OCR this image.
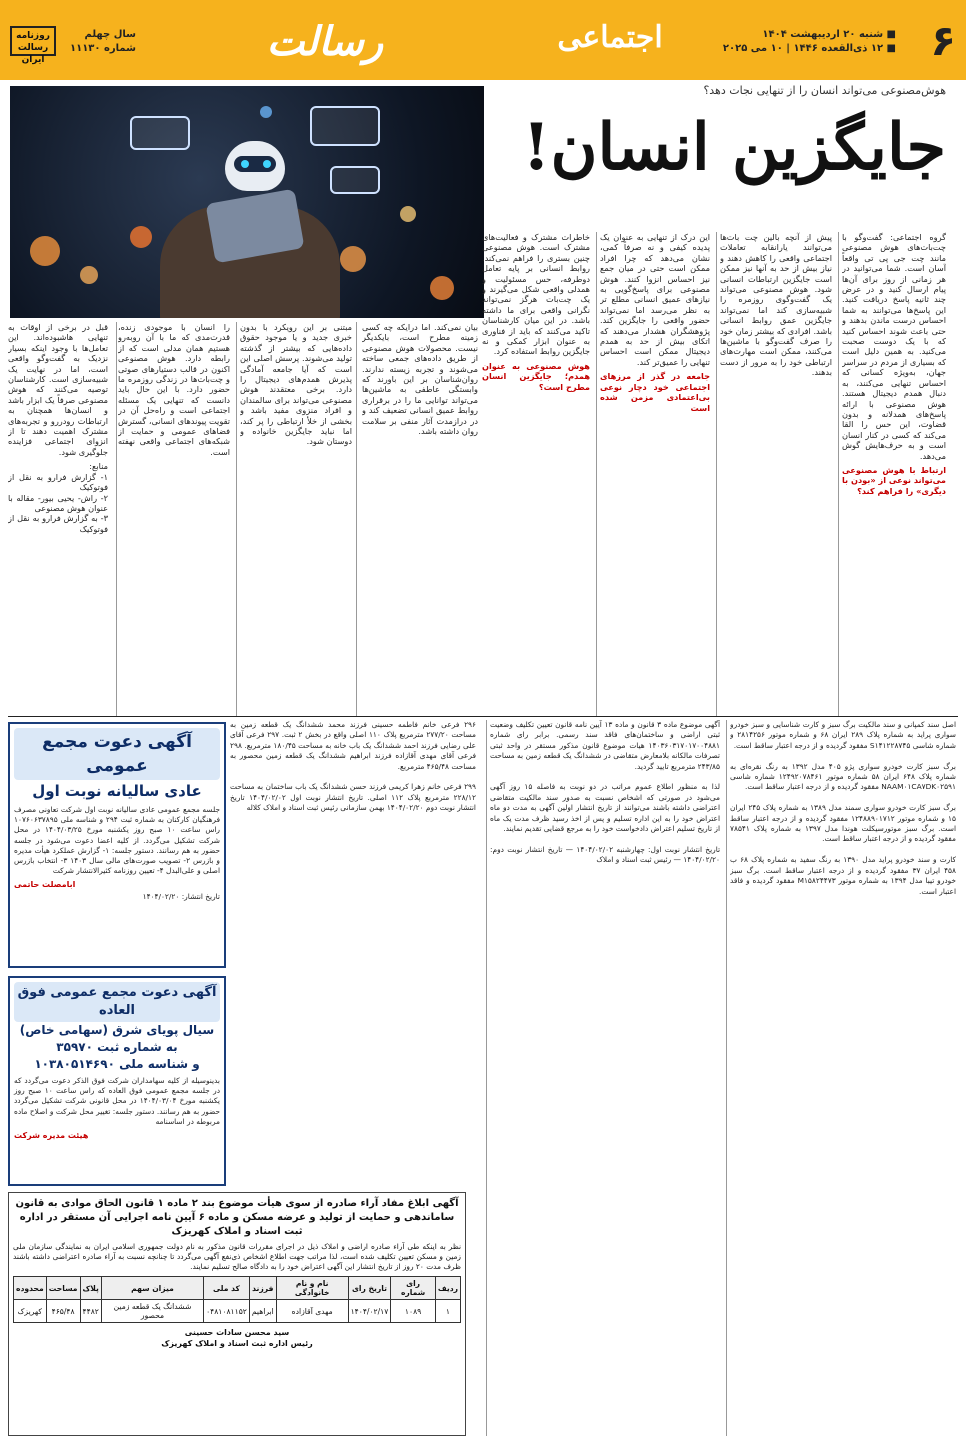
۶
■ شنبه ۲۰ اردیبهشت ۱۴۰۴
■ ۱۲ ذی‌القعده ۱۴۴۶ | ۱۰ می ۲۰۲۵
اجتماعی
رسالت
سال چهلم
شماره ۱۱۱۳۰
روزنامه رسالت ایران
هوش‌مصنوعی می‌تواند انسان را از تنهایی نجات دهد؟
جایگزین انسان!

گروه اجتماعی: گفت‌وگو با چت‌بات‌های هوش مصنوعی مانند چت جی پی تی واقعاً آسان است. شما می‌توانید در هر زمانی از روز برای آن‌ها پیام ارسال کنید و در عرض چند ثانیه پاسخ دریافت کنید. این پاسخ‌ها می‌توانند به شما احساس درست ماندن بدهند و حتی باعث شوند احساس کنید که با یک دوست صحبت می‌کنید. به همین دلیل است که بسیاری از مردم در سراسر جهان، به‌ویژه کسانی که احساس تنهایی می‌کنند، به دنبال همدم دیجیتال هستند. هوش مصنوعی با ارائه پاسخ‌های همدلانه و بدون قضاوت، این حس را القا می‌کند که کسی در کنار انسان است و به حرف‌هایش گوش می‌دهد.

ارتباط با هوش مصنوعی می‌تواند نوعی از «بودن با دیگری» را فراهم کند؟

پیش از آنچه بالین چت بات‌ها می‌توانند یارانقابه تعاملات اجتماعی واقعی را کاهش دهند و نیاز بیش از حد به آنها نیز ممکن است جایگزین ارتباطات انسانی شود. هوش مصنوعی می‌تواند یک گفت‌وگوی روزمره را شبیه‌سازی کند اما نمی‌تواند جایگزین عمق روابط انسانی باشد. افرادی که بیشتر زمان خود را صرف گفت‌وگو با ماشین‌ها می‌کنند، ممکن است مهارت‌های ارتباطی خود را به مرور از دست بدهند.

این درک از تنهایی به عنوان یک پدیده کیفی و نه صرفاً کمی، نشان می‌دهد که چرا افراد ممکن است حتی در میان جمع نیز احساس انزوا کنند. هوش مصنوعی برای پاسخ‌گویی به نیازهای عمیق انسانی مطلع تر به نظر می‌رسد اما نمی‌تواند حضور واقعی را جایگزین کند. پژوهشگران هشدار می‌دهند که اتکای بیش از حد به همدم دیجیتال ممکن است احساس تنهایی را عمیق‌تر کند.

جامعه در گذر از مرزهای اجتماعی خود دچار نوعی بی‌اعتمادی مزمن شده است

خاطرات مشترک و فعالیت‌های مشترک است. هوش مصنوعی چنین بستری را فراهم نمی‌کند. روابط انسانی بر پایه تعامل دوطرفه، حس مسئولیت و همدلی واقعی شکل می‌گیرند و یک چت‌بات هرگز نمی‌تواند نگرانی واقعی برای ما داشته باشد. در این میان کارشناسان تاکید می‌کنند که باید از فناوری به عنوان ابزار کمکی و نه جایگزین روابط استفاده کرد.

هوش مصنوعی به عنوان همدم؛ جایگزین انسان مطرح است؟

بیان نمی‌کند. اما درایکه چه کسی زمینه مطرح است، بایکدیگر نیست. محصولات هوش مصنوعی از طریق داده‌های جمعی ساخته می‌شوند و تجربه زیسته ندارند. روان‌شناسان بر این باورند که وابستگی عاطفی به ماشین‌ها می‌تواند توانایی ما را در برقراری روابط عمیق انسانی تضعیف کند و در درازمدت آثار منفی بر سلامت روان داشته باشد.

مبتنی بر این رویکرد با بدون خبری جدید و یا موجود حقوق داده‌هایی که بیشتر از گذشته تولید می‌شوند. پرسش اصلی این است که آیا جامعه آمادگی پذیرش همدم‌های دیجیتال را دارد. برخی معتقدند هوش مصنوعی می‌تواند برای سالمندان و افراد منزوی مفید باشد و بخشی از خلأ ارتباطی را پر کند، اما نباید جایگزین خانواده و دوستان شود.

را انسان با موجودی زنده، قدرت‌مدی که ما با آن روبه‌رو هستیم همان مدلی است که از رابطه دارد. هوش مصنوعی اکنون در قالب دستیارهای صوتی و چت‌بات‌ها در زندگی روزمره ما حضور دارد. با این حال باید دانست که تنهایی یک مسئله اجتماعی است و راه‌حل آن در تقویت پیوندهای انسانی، گسترش فضاهای عمومی و حمایت از شبکه‌های اجتماعی واقعی نهفته است.

قبل در برخی از اوقات به تنهایی هاشبوده‌اند. این تعامل‌ها با وجود اینکه بسیار نزدیک به گفت‌وگو واقعی است، اما در نهایت یک شبیه‌سازی است. کارشناسان توصیه می‌کنند که هوش مصنوعی صرفاً یک ابزار باشد و انسان‌ها همچنان به ارتباطات رودررو و تجربه‌های مشترک اهمیت دهند تا از انزوای اجتماعی فزاینده جلوگیری شود.

منابع:
۱- گزارش فرارو به نقل از فوتوکیک
۲- راش- یحیی بیور- مقاله با عنوان هوش مصنوعی
۳- به گزارش فرارو به نقل از فوتوکیک

اصل سند کمپانی و سند مالکیت برگ سبز و کارت شناسایی و سبز خودرو سواری پراید به شماره پلاک ۲۸۹ ایران ۶۸ و شماره موتور ۲۸۱۴۲۵۶ و شماره شاسی S۱۴۱۲۲۸۷۴۵ مفقود گردیده و از درجه اعتبار ساقط است.

برگ سبز کارت خودرو سواری پژو ۴۰۵ مدل ۱۳۹۲ به رنگ نقره‌ای به شماره پلاک ۶۴۸ ایران ۵۸ شماره موتور ۱۲۴۹۲۰۷۸۴۶۱ شماره شاسی NAAM۰۱CA۷DK۰۲۵۹۱ مفقود گردیده و از درجه اعتبار ساقط است.

برگ سبز کارت خودرو سواری سمند مدل ۱۳۸۹ به شماره پلاک ۲۴۵ ایران ۱۵ و شماره موتور ۱۲۴۸۸۹۰۱۷۱۲ مفقود گردیده و از درجه اعتبار ساقط است. برگ سبز موتورسیکلت هوندا مدل ۱۳۹۷ به شماره پلاک ۷۸۵۴۱ مفقود گردیده و از درجه اعتبار ساقط است.

کارت و سند خودرو پراید مدل ۱۳۹۰ به رنگ سفید به شماره پلاک ۶۸ ب ۴۵۸ ایران ۳۷ مفقود گردیده و از درجه اعتبار ساقط است. برگ سبز خودرو تیبا مدل ۱۳۹۴ به شماره موتور M۱۵۸۲۴۴۷۳ مفقود گردیده و فاقد اعتبار است.

آگهی موضوع ماده ۳ قانون و ماده ۱۳ آیین نامه قانون تعیین تکلیف وضعیت ثبتی اراضی و ساختمان‌های فاقد سند رسمی. برابر رای شماره ۱۴۰۳۶۰۳۱۷۰۱۷۰۰۴۸۸۱ هیات موضوع قانون مذکور مستقر در واحد ثبتی تصرفات مالکانه بلامعارض متقاضی در ششدانگ یک قطعه زمین به مساحت ۲۴۳/۸۵ مترمربع تایید گردید.

لذا به منظور اطلاع عموم مراتب در دو نوبت به فاصله ۱۵ روز آگهی می‌شود در صورتی که اشخاص نسبت به صدور سند مالکیت متقاضی اعتراضی داشته باشند می‌توانند از تاریخ انتشار اولین آگهی به مدت دو ماه اعتراض خود را به این اداره تسلیم و پس از اخذ رسید ظرف مدت یک ماه از تاریخ تسلیم اعتراض دادخواست خود را به مرجع قضایی تقدیم نمایند.

تاریخ انتشار نوبت اول: چهارشنبه ۱۴۰۴/۰۲/۰۲ — تاریخ انتشار نوبت دوم: ۱۴۰۴/۰۲/۲۰ — رئیس ثبت اسناد و املاک

۲۹۶ فرعی خانم فاطمه حسینی فرزند محمد ششدانگ یک قطعه زمین به مساحت ۲۷۷/۲۰ مترمربع پلاک ۱۱۰ اصلی واقع در بخش ۲ ثبت. ۲۹۷ فرعی آقای علی رضایی فرزند احمد ششدانگ یک باب خانه به مساحت ۱۸۰/۴۵ مترمربع. ۲۹۸ فرعی آقای مهدی آقازاده فرزند ابراهیم ششدانگ یک قطعه زمین محصور به مساحت ۴۶۵/۴۸ مترمربع.

۲۹۹ فرعی خانم زهرا کریمی فرزند حسن ششدانگ یک باب ساختمان به مساحت ۲۲۸/۱۲ مترمربع پلاک ۱۱۲ اصلی. تاریخ انتشار نوبت اول ۱۴۰۴/۰۲/۰۲ تاریخ انتشار نوبت دوم ۱۴۰۴/۰۲/۲۰ بهمن سازمانی رئیس ثبت اسناد و املاک کلاله

آگهی دعوت مجمع عمومی
عادی سالیانه نوبت اول
جلسه مجمع عمومی عادی سالیانه نوبت اول شرکت تعاونی مصرف فرهنگیان کارکنان به شماره ثبت ۲۹۴ و شناسه ملی ۱۰۷۶۰۶۳۷۸۹۵ راس ساعت ۱۰ صبح روز یکشنبه مورخ ۱۴۰۴/۰۳/۲۵ در محل شرکت تشکیل می‌گردد. از کلیه اعضا دعوت می‌شود در جلسه حضور به هم رسانند. دستور جلسه: ۱- گزارش عملکرد هیأت مدیره و بازرس ۲- تصویب صورت‌های مالی سال ۱۴۰۳ ۳- انتخاب بازرس اصلی و علی‌البدل ۴- تعیین روزنامه کثیرالانتشار شرکت
ابامصلت حاتمی
تاریخ انتشار: ۱۴۰۴/۰۲/۲۰
آگهی دعوت مجمع عمومی فوق العاده
سیال پویای شرق (سهامی خاص)
به شماره ثبت ۳۵۹۷۰
و شناسه ملی ۱۰۳۸۰۵۱۴۶۹۰
بدینوسیله از کلیه سهامداران شرکت فوق الذکر دعوت می‌گردد که در جلسه مجمع عمومی فوق العاده که راس ساعت ۱۰ صبح روز یکشنبه مورخ ۱۴۰۴/۰۳/۰۴ در محل قانونی شرکت تشکیل می‌گردد حضور به هم رسانند. دستور جلسه: تغییر محل شرکت و اصلاح ماده مربوطه در اساسنامه
هیئت مدیره شرکت
آگهی ابلاغ مفاد آراء صادره از سوی هیأت موضوع بند ۲ ماده ۱ قانون الحاق موادی به قانون ساماندهی و حمایت از تولید و عرضه مسکن و ماده ۶ آیین نامه اجرایی آن مستقر در اداره ثبت اسناد و املاک کهریزک
نظر به اینکه طی آراء صادره اراضی و املاک ذیل در اجرای مقررات قانون مذکور به نام دولت جمهوری اسلامی ایران به نمایندگی سازمان ملی زمین و مسکن تعیین تکلیف شده است، لذا مراتب جهت اطلاع اشخاص ذی‌نفع آگهی می‌گردد تا چنانچه نسبت به آراء صادره اعتراضی داشته باشند ظرف مدت ۲۰ روز از تاریخ انتشار این آگهی اعتراض خود را به دادگاه صالح تسلیم نمایند.
ردیف	رای شماره	تاریخ رای	نام و نام خانوادگی	فرزند	کد ملی	میزان سهم	پلاک	مساحت	محدوده
۱	۱۰۸۹	۱۴۰۴/۰۲/۱۷	مهدی آقازاده	ابراهیم	۰۴۸۱۰۸۱۱۵۲	ششدانگ یک قطعه زمین محصور	۴۴۸۲	۴۶۵/۴۸	کهریزک
سید محسن سادات حسینی
رئیس اداره ثبت اسناد و املاک کهریزک
